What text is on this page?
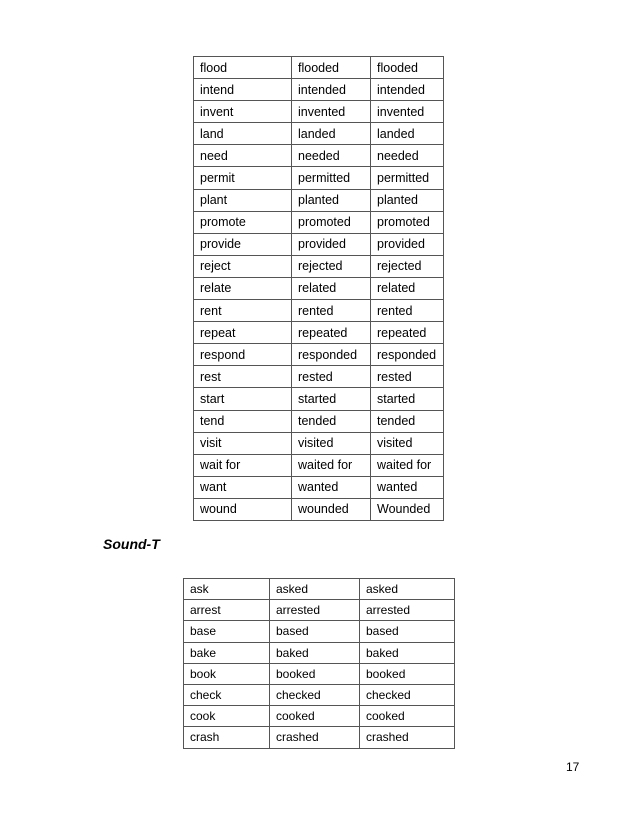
flood	flooded	flooded
intend	intended	intended
invent	invented	invented
land	landed	landed
need	needed	needed
permit	permitted	permitted
plant	planted	planted
promote	promoted	promoted
provide	provided	provided
reject	rejected	rejected
relate	related	related
rent	rented	rented
repeat	repeated	repeated
respond	responded	responded
rest	rested	rested
start	started	started
tend	tended	tended
visit	visited	visited
wait for	waited for	waited for
want	wanted	wanted
wound	wounded	Wounded
Sound-T
ask	asked	asked
arrest	arrested	arrested
base	based	based
bake	baked	baked
book	booked	booked
check	checked	checked
cook	cooked	cooked
crash	crashed	crashed
17
